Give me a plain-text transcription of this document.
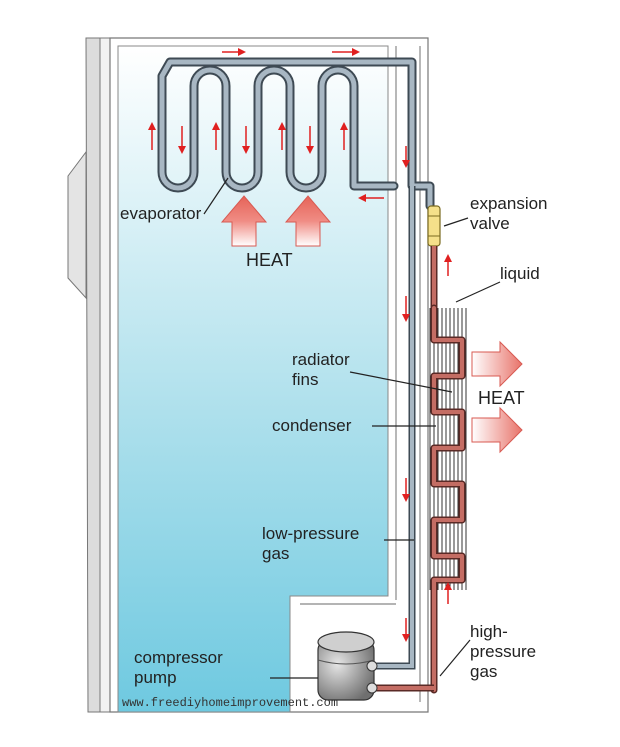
evaporator
HEAT
expansion
valve
liquid
radiator
fins
HEAT
condenser
low-pressure
gas
high-
pressure
gas
compressor
pump
www.freediyhomeimprovement.com
